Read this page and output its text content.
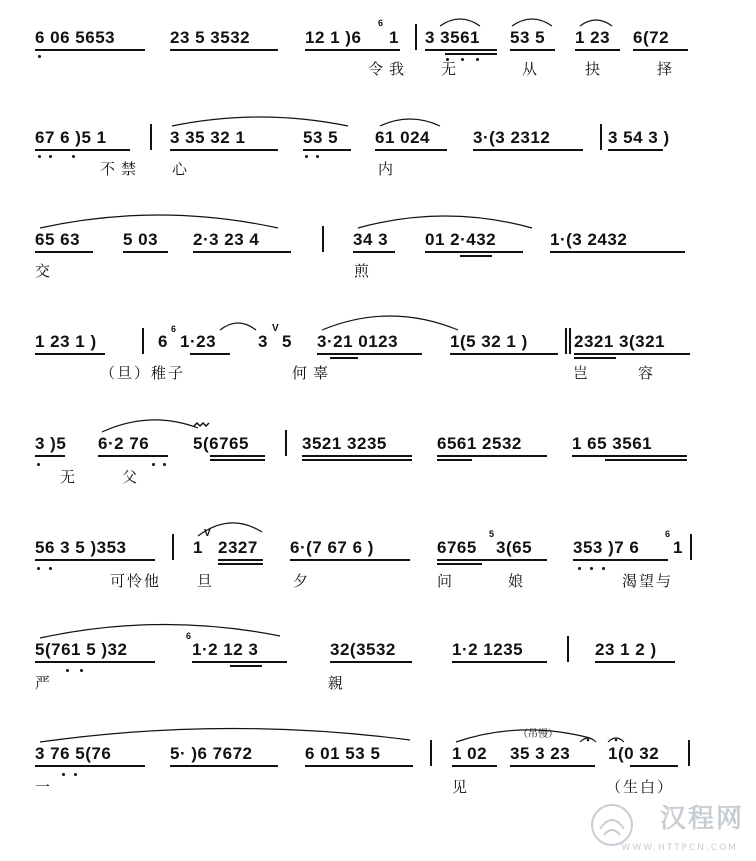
6 06 5653	23 5 3532	12 1 )6
6
1 3 3561 53 5 1 23 6(72
令我 无	从	抉	择
67 6 )5 1	3 35 32 1	53 5 61 024	3·(3 2312	3 54 3 )
不禁 心	内
65 63	5 03 2·3 23 4	34 3 01 2·432	1·(3 2432
交	煎
1 23 1 )	6
6
1·23 3
V
5 3·21 0123	1(5 32 1 )	2321 3(321
（旦）稚子	何辜	岂	容
3 )5 6·2 76	5(6765	3521 3235	6561 2532	1 65 3561
无	父
56 3 5 )353	1
V
2327 6·(7 67 6 )	6765
5
3(65 353 )7 6
6
1
可怜他 旦	夕	问	娘	渴望与
5(761 5 )32
6
1·2 12 3	32(3532	1·2 1235	23 1 2 )
严	親
3 76 5(76	5· )6 7672	6 01 53 5	1 02
（吊慢）
35 3 23 1(0 32
一	见	（生白）
汉程网
WWW.HTTPCN.COM
